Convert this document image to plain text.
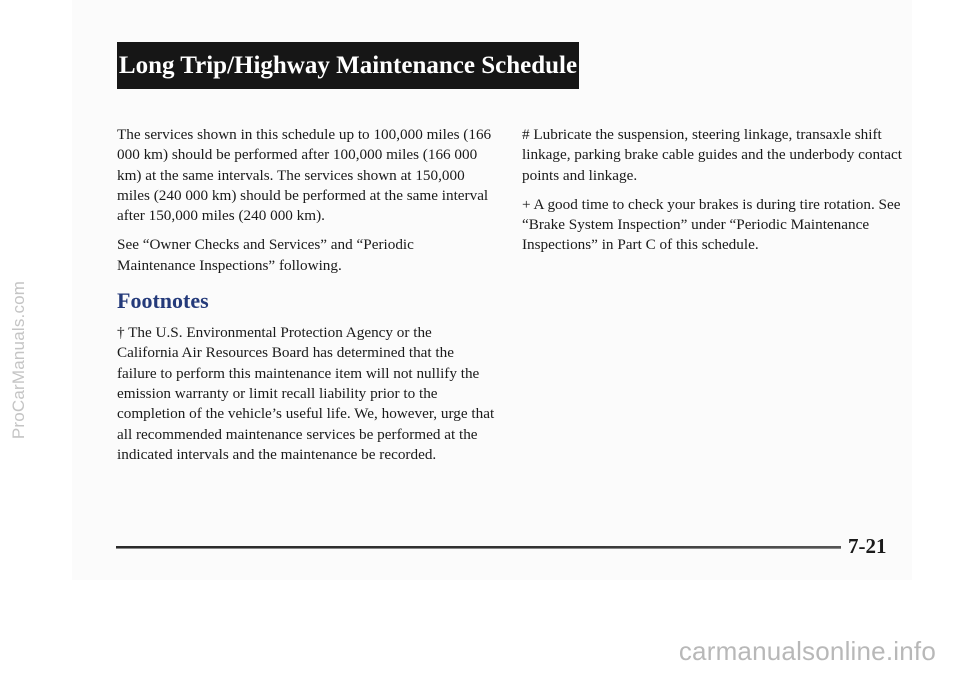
ProCarManuals.com
Long Trip/Highway Maintenance Schedule

The services shown in this schedule up to 100,000 miles (166 000 km) should be performed after 100,000 miles (166 000 km) at the same intervals. The services shown at 150,000 miles (240 000 km) should be performed at the same interval after 150,000 miles (240 000 km).

See “Owner Checks and Services” and “Periodic Maintenance Inspections” following.

Footnotes

† The U.S. Environmental Protection Agency or the California Air Resources Board has determined that the failure to perform this maintenance item will not nullify the emission warranty or limit recall liability prior to the completion of the vehicle’s useful life. We, however, urge that all recommended maintenance services be performed at the indicated intervals and the maintenance be recorded.

# Lubricate the suspension, steering linkage, transaxle shift linkage, parking brake cable guides and the underbody contact points and linkage.

+ A good time to check your brakes is during tire rotation. See “Brake System Inspection” under “Periodic Maintenance Inspections” in Part C of this schedule.

7-21
carmanualsonline.info
